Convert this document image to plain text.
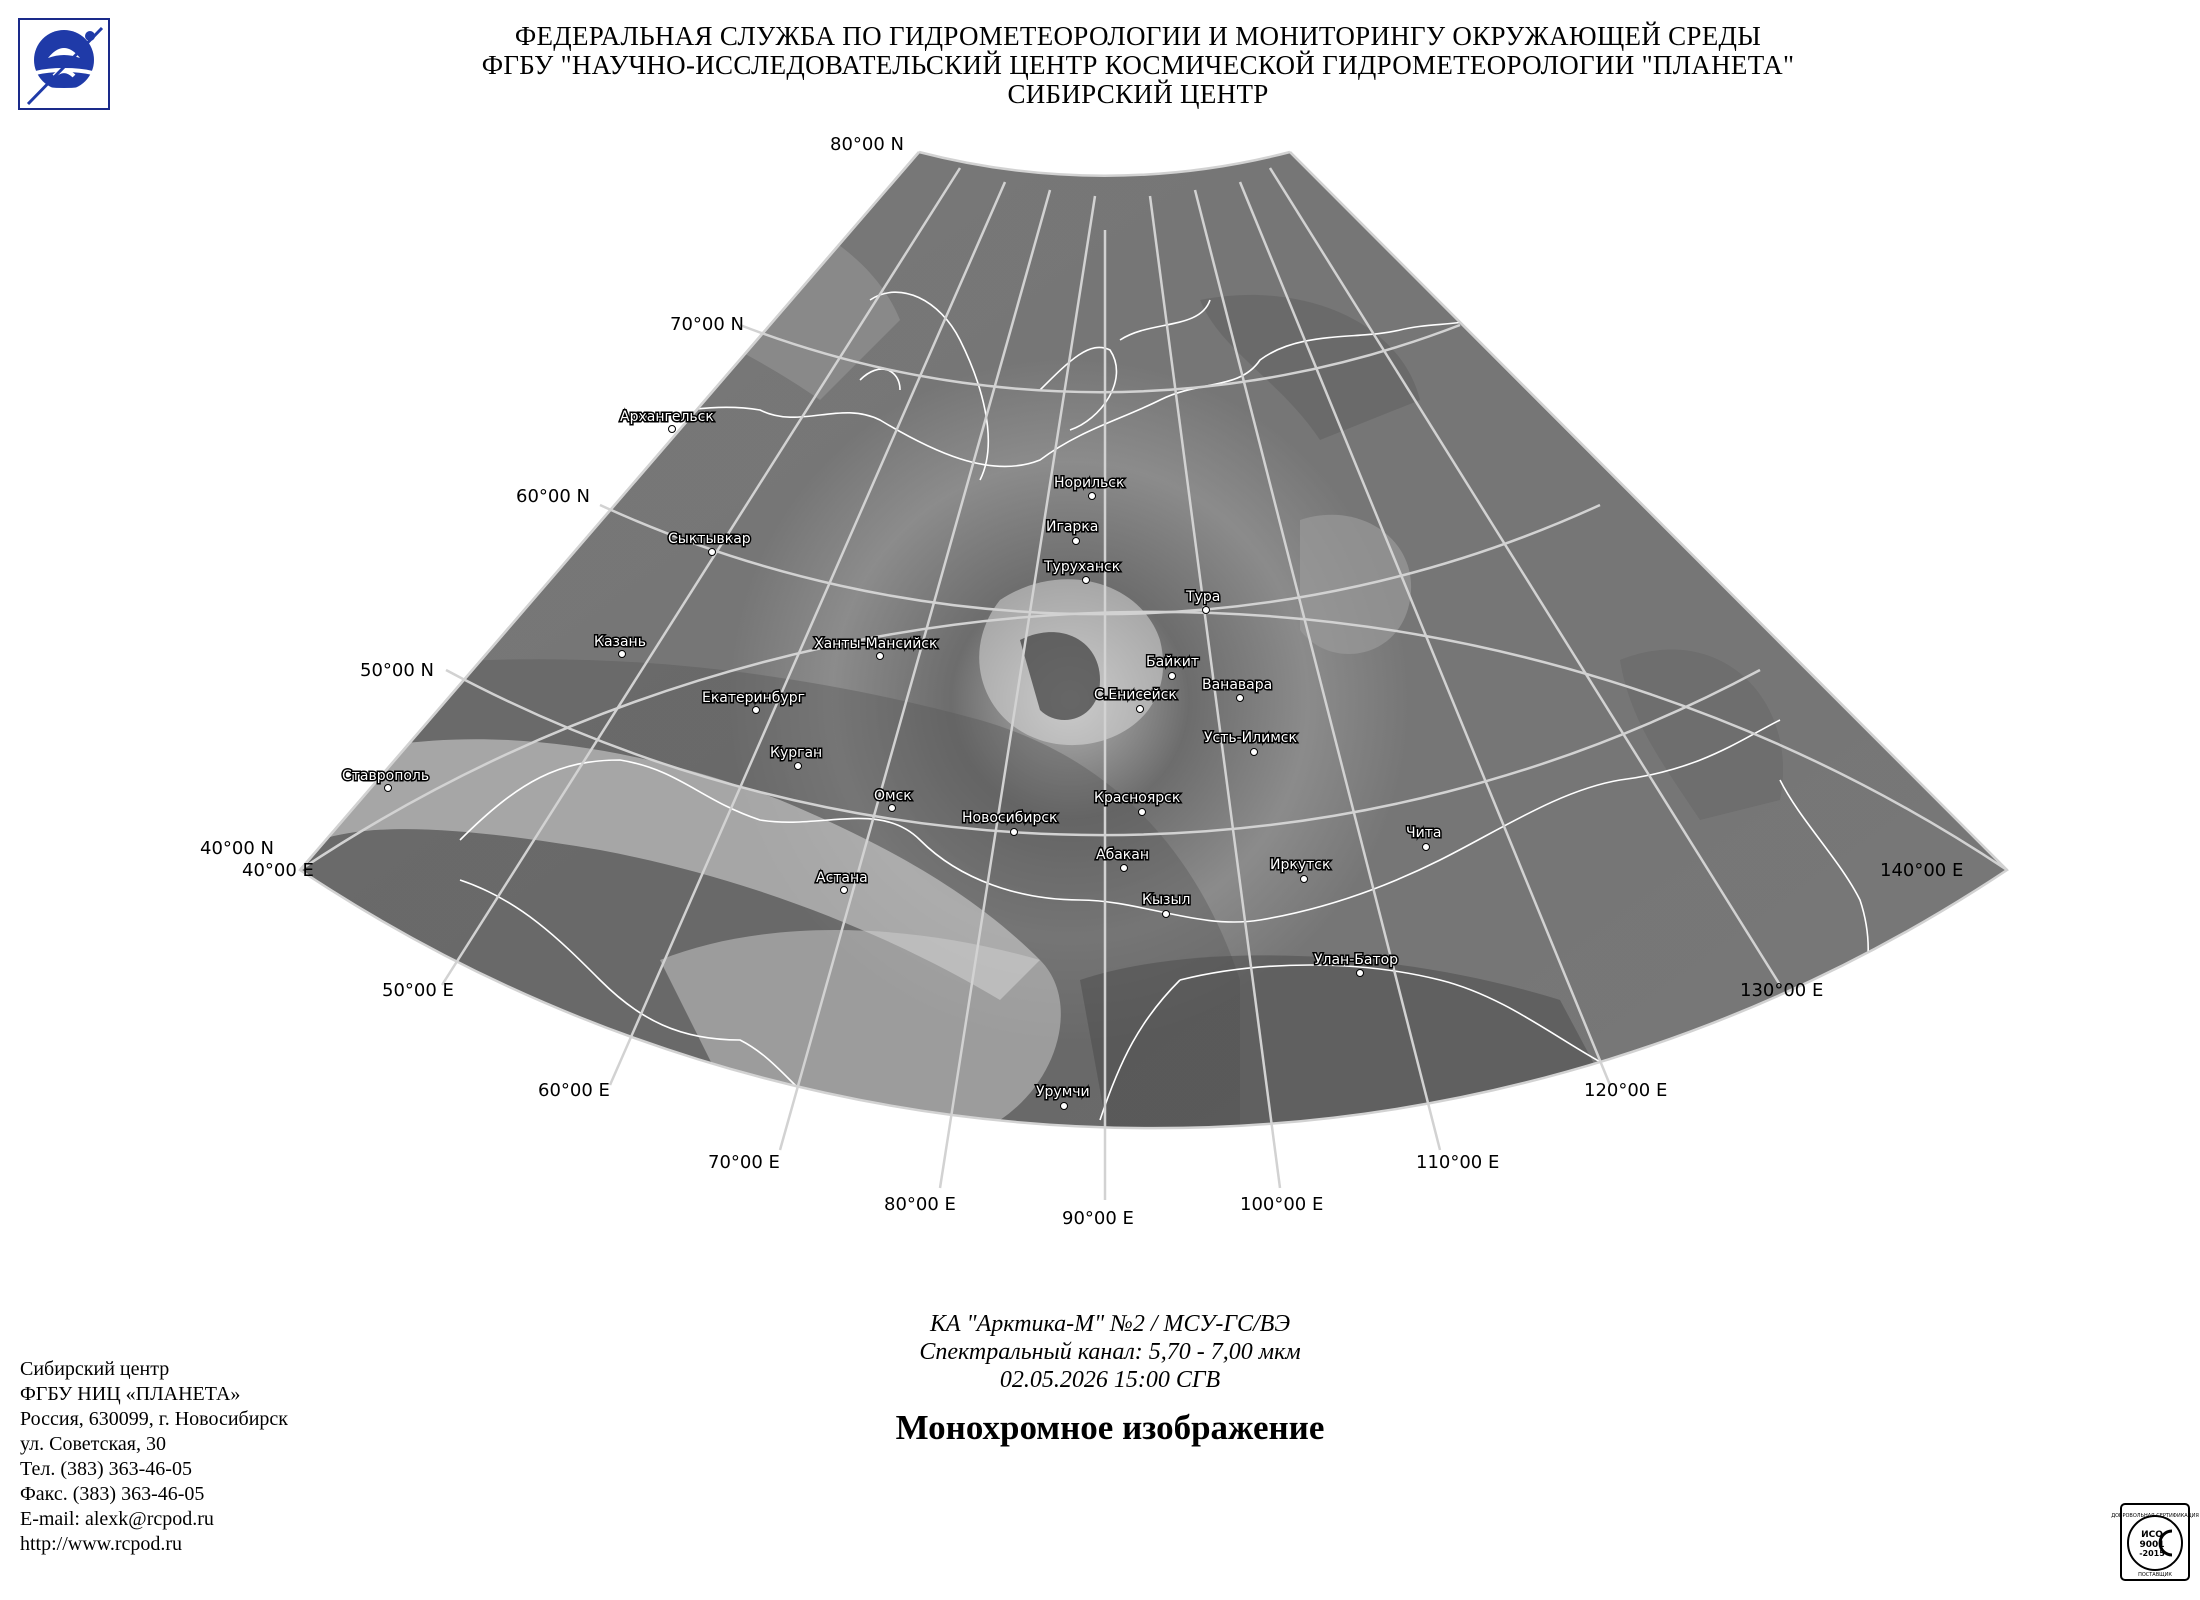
ФЕДЕРАЛЬНАЯ СЛУЖБА ПО ГИДРОМЕТЕОРОЛОГИИ И МОНИТОРИНГУ ОКРУЖАЮЩЕЙ СРЕДЫ
ФГБУ "НАУЧНО-ИССЛЕДОВАТЕЛЬСКИЙ ЦЕНТР КОСМИЧЕСКОЙ ГИДРОМЕТЕОРОЛОГИИ "ПЛАНЕТА"
СИБИРСКИЙ ЦЕНТР
80°00 N
70°00 N
60°00 N
50°00 N
40°00 N
40°00 E
50°00 E
60°00 E
70°00 E
80°00 E
90°00 E
100°00 E
110°00 E
120°00 E
130°00 E
140°00 E
Архангельск
Сыктывкар
Казань
Ставрополь
Екатеринбург
Ханты-Мансийск
Курган
Омск
Астана
Новосибирск
Норильск
Игарка
Туруханск
Тура
Байкит
С.Енисейск
Ванавара
Усть-Илимск
Красноярск
Абакан
Кызыл
Иркутск
Чита
Улан-Батор
Урумчи
КА "Арктика-М" №2 / МСУ-ГС/ВЭ
Спектральный канал: 5,70 - 7,00 мкм
02.05.2026 15:00 СГВ
Монохромное изображение
Сибирский центр
ФГБУ НИЦ «ПЛАНЕТА»
Россия, 630099, г. Новосибирск
ул. Советская, 30
Тел. (383) 363-46-05
Факс. (383) 363-46-05
E-mail: alexk@rcpod.ru
http://www.rcpod.ru
ДОБРОВОЛЬНАЯ СЕРТИФИКАЦИЯ
ИСО
9001
-2015
ПОСТАВЩИК
